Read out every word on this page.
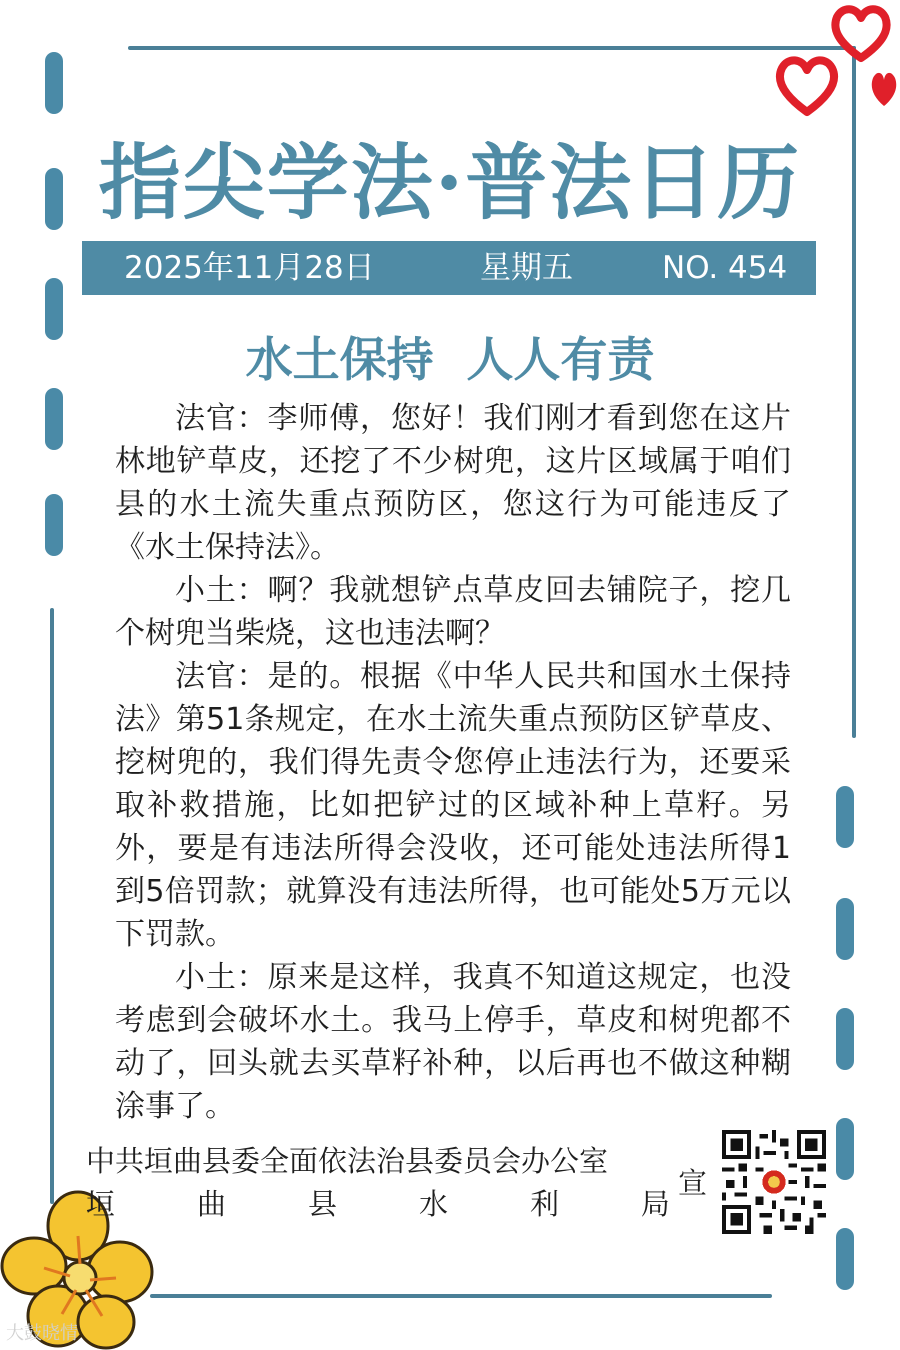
指尖学法·普法日历
2025年11月28日	星期五	NO. 454
水土保持  人人有责

法官：李师傅，您好！我们刚才看到您在这片林地铲草皮，还挖了不少树兜，这片区域属于咱们县的水土流失重点预防区，您这行为可能违反了《水土保持法》。

小土：啊？我就想铲点草皮回去铺院子，挖几个树兜当柴烧，这也违法啊？

法官：是的。根据《中华人民共和国水土保持法》第51条规定，在水土流失重点预防区铲草皮、挖树兜的，我们得先责令您停止违法行为，还要采取补救措施，比如把铲过的区域补种上草籽。另外，要是有违法所得会没收，还可能处违法所得1到5倍罚款；就算没有违法所得，也可能处5万元以下罚款。

小土：原来是这样，我真不知道这规定，也没考虑到会破坏水土。我马上停手，草皮和树兜都不动了，回头就去买草籽补种，以后再也不做这种糊涂事了。

中共垣曲县委全面依法治县委员会办公室
垣	曲	县	水	利	局
宣
大鼓晓情
